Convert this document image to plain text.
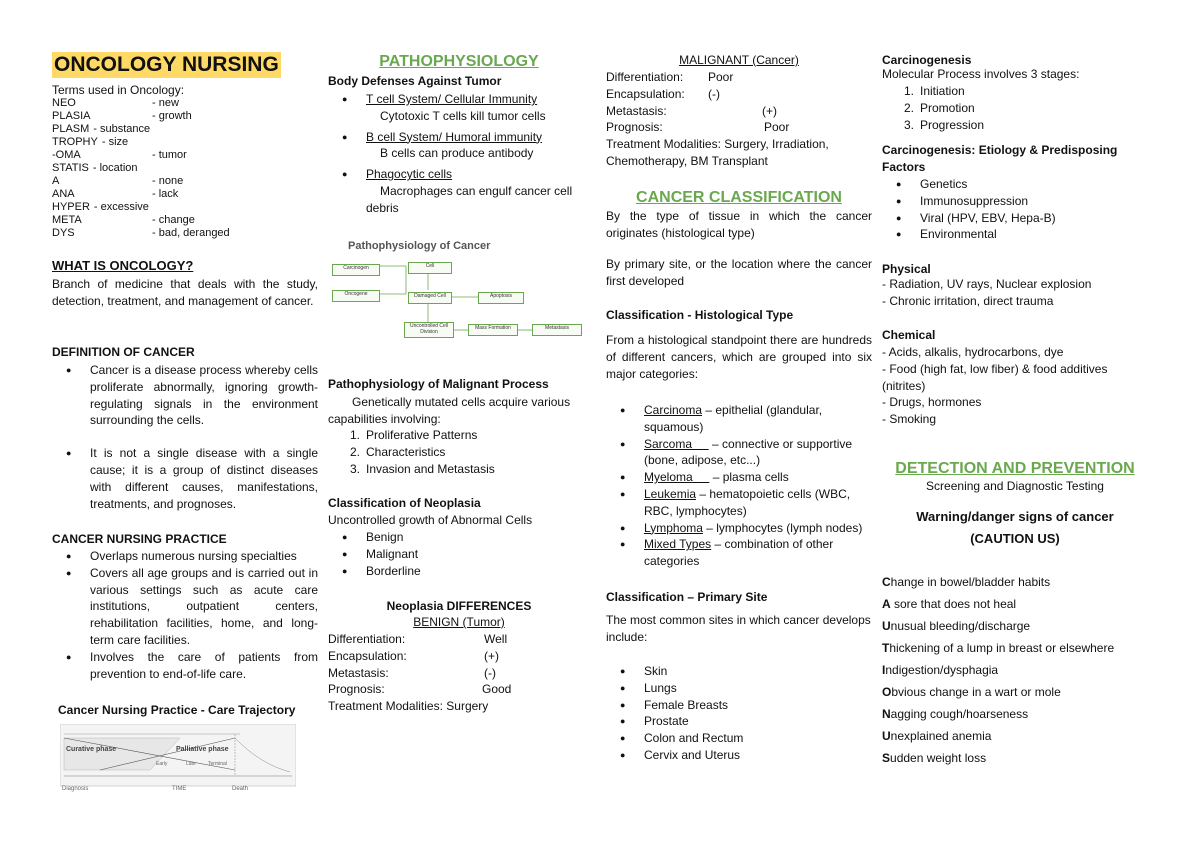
ONCOLOGY NURSING

Terms used in Oncology:

NEO	- new
PLASIA	- growth
PLASM - substance
TROPHY - size
-OMA	- tumor
STATIS - location
A	- none
ANA	- lack
HYPER - excessive
META	- change
DYS	- bad, deranged

WHAT IS ONCOLOGY?

Branch of medicine that deals with the study, detection, treatment, and management of cancer.

DEFINITION OF CANCER

● Cancer is a disease process whereby cells proliferate abnormally, ignoring growth-regulating signals in the environment surrounding the cells.
● It is not a single disease with a single cause; it is a group of distinct diseases with different causes, manifestations, treatments, and prognoses.

CANCER NURSING PRACTICE

● Overlaps numerous nursing specialties
● Covers all age groups and is carried out in various settings such as acute care institutions, outpatient centers, rehabilitation facilities, home, and long-term care facilities.
● Involves the care of patients from prevention to end-of-life care.

Cancer Nursing Practice - Care Trajectory

Curative phase	Palliative phase
Early	Late Terminal
Diagnosis	TIME	Death

PATHOPHYSIOLOGY

Body Defenses Against Tumor

● T cell System/ Cellular Immunity
Cytotoxic T cells kill tumor cells
● B cell System/ Humoral immunity
B cells can produce antibody
● Phagocytic cells
Macrophages can engulf cancer cell debris

Pathophysiology of Cancer

Carcinogen
Oncogene
Cell
Damaged Cell	Apoptosis
Uncontrolled Cell Division
Mass Formation	Metastasis

Pathophysiology of Malignant Process

Genetically mutated cells acquire various capabilities involving:

1. Proliferative Patterns
2. Characteristics
3. Invasion and Metastasis

Classification of Neoplasia

Uncontrolled growth of Abnormal Cells

● Benign
● Malignant
● Borderline

Neoplasia DIFFERENCES

BENIGN (Tumor)

Differentiation:	Well
Encapsulation:	(+)
Metastasis:	(-)
Prognosis:	Good
Treatment Modalities: Surgery

MALIGNANT (Cancer)

Differentiation:	Poor
Encapsulation:	(-)
Metastasis:	(+)
Prognosis:	Poor
Treatment Modalities: Surgery, Irradiation, Chemotherapy, BM Transplant

CANCER CLASSIFICATION

By the type of tissue in which the cancer originates (histological type)

By primary site, or the location where the cancer first developed

Classification - Histological Type

From a histological standpoint there are hundreds of different cancers, which are grouped into six major categories:

● Carcinoma – epithelial (glandular, squamous)
● Sarcoma      – connective or supportive (bone, adipose, etc...)
● Myeloma      – plasma cells
● Leukemia – hematopoietic cells (WBC, RBC, lymphocytes)
● Lymphoma – lymphocytes (lymph nodes)
● Mixed Types – combination of other categories

Classification – Primary Site

The most common sites in which cancer develops include:

● Skin
● Lungs
● Female Breasts
● Prostate
● Colon and Rectum
● Cervix and Uterus

Carcinogenesis

Molecular Process involves 3 stages:

1. Initiation
2. Promotion
3. Progression

Carcinogenesis: Etiology & Predisposing Factors

● Genetics
● Immunosuppression
● Viral (HPV, EBV, Hepa-B)
● Environmental

Physical

- Radiation, UV rays, Nuclear explosion
- Chronic irritation, direct trauma

Chemical

- Acids, alkalis, hydrocarbons, dye
- Food (high fat, low fiber) & food additives (nitrites)
- Drugs, hormones
- Smoking

DETECTION AND PREVENTION

Screening and Diagnostic Testing

Warning/danger signs of cancer

(CAUTION US)

Change in bowel/bladder habits
A sore that does not heal
Unusual bleeding/discharge
Thickening of a lump in breast or elsewhere
Indigestion/dysphagia
Obvious change in a wart or mole
Nagging cough/hoarseness
Unexplained anemia
Sudden weight loss
